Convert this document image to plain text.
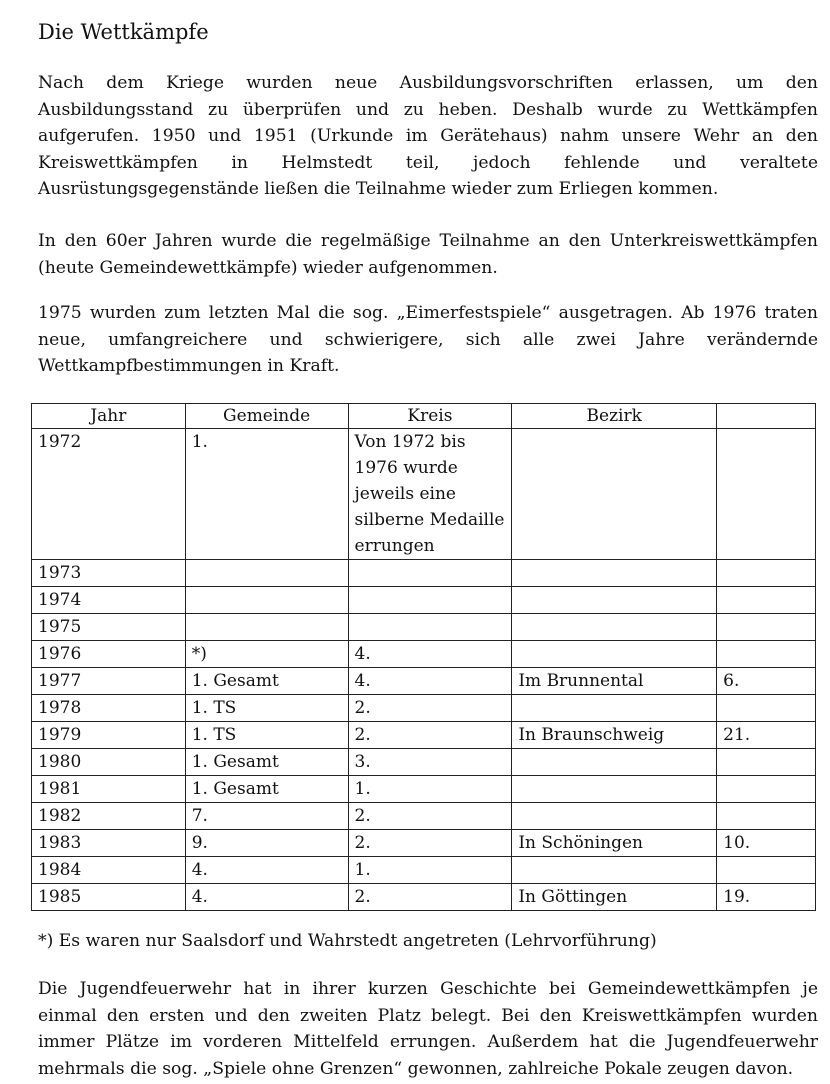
Die Wettkämpfe

Nach dem Kriege wurden neue Ausbildungsvorschriften erlassen, um den Ausbildungsstand zu überprüfen und zu heben. Deshalb wurde zu Wettkämpfen aufgerufen. 1950 und 1951 (Urkunde im Gerätehaus) nahm unsere Wehr an den Kreiswettkämpfen in Helmstedt teil, jedoch fehlende und veraltete Ausrüstungsgegenstände ließen die Teilnahme wieder zum Erliegen kommen.

In den 60er Jahren wurde die regelmäßige Teilnahme an den Unterkreiswettkämpfen (heute Gemeindewettkämpfe) wieder aufgenommen.

1975 wurden zum letzten Mal die sog. „Eimerfestspiele“ ausgetragen. Ab 1976 traten neue, umfangreichere und schwierigere, sich alle zwei Jahre verändernde Wettkampfbestimmungen in Kraft.

Jahr	Gemeinde	Kreis	Bezirk	
1972	1.	Von 1972 bis 1976 wurde jeweils eine silberne Medaille errungen		
1973				
1974				
1975				
1976	*)	4.		
1977	1. Gesamt	4.	Im Brunnental	6.
1978	1. TS	2.		
1979	1. TS	2.	In Braunschweig	21.
1980	1. Gesamt	3.		
1981	1. Gesamt	1.		
1982	7.	2.		
1983	9.	2.	In Schöningen	10.
1984	4.	1.		
1985	4.	2.	In Göttingen	19.

*) Es waren nur Saalsdorf und Wahrstedt angetreten (Lehrvorführung)

Die Jugendfeuerwehr hat in ihrer kurzen Geschichte bei Gemeindewettkämpfen je einmal den ersten und den zweiten Platz belegt. Bei den Kreiswettkämpfen wurden immer Plätze im vorderen Mittelfeld errungen. Außerdem hat die Jugendfeuerwehr mehrmals die sog. „Spiele ohne Grenzen“ gewonnen, zahlreiche Pokale zeugen davon.
